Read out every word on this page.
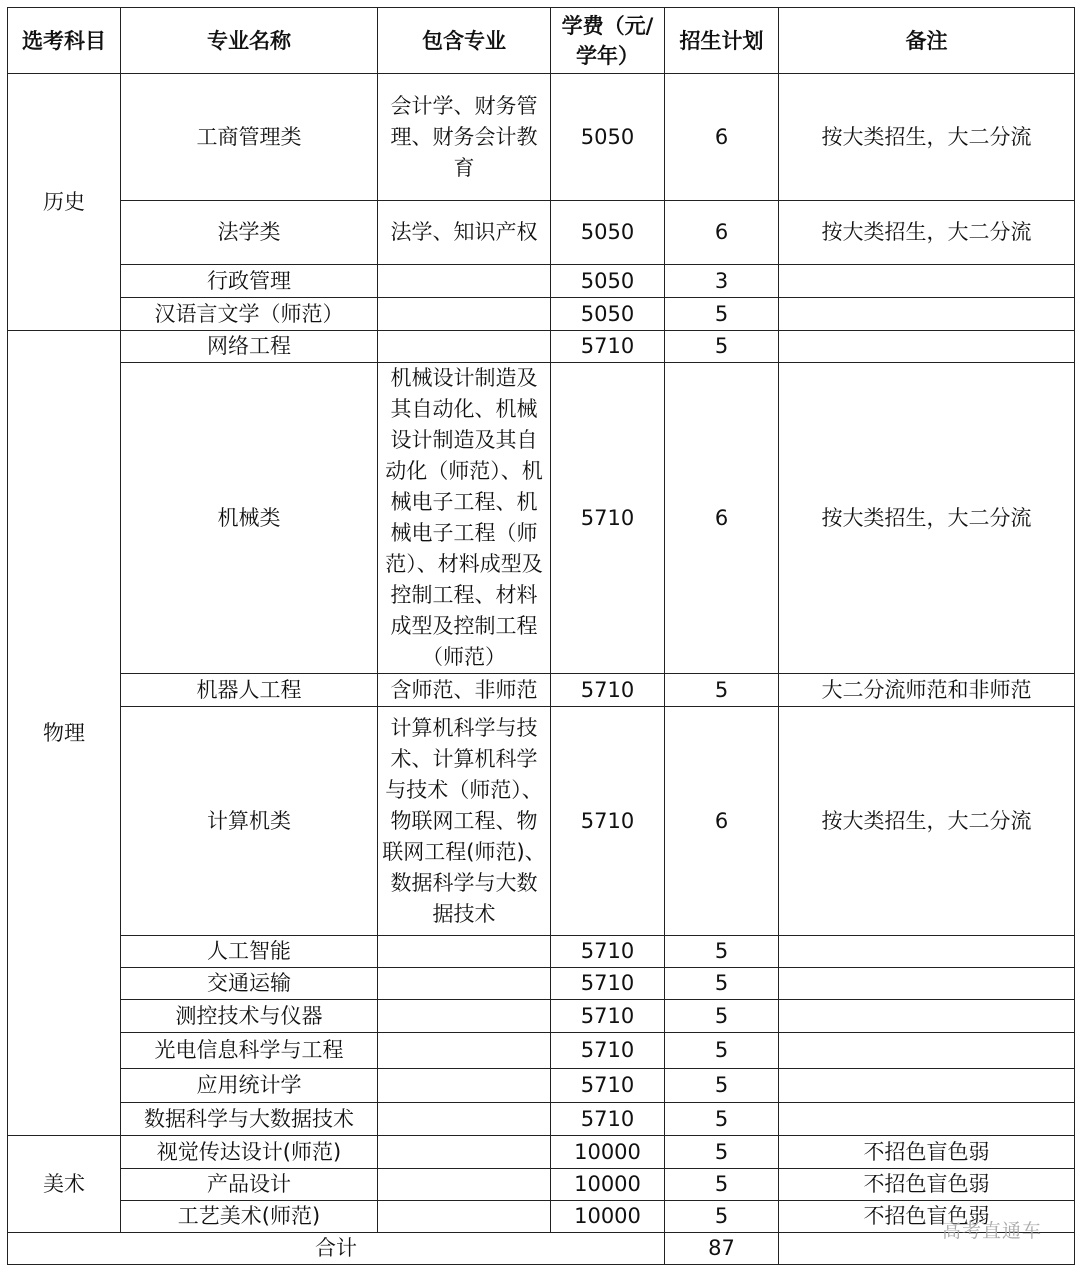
选考科目	专业名称	包含专业	学费（元/学年）	招生计划	备注
历史	工商管理类	会计学、财务管理、财务会计教育	5050	6	按大类招生，大二分流
	法学类	法学、知识产权	5050	6	按大类招生，大二分流
	行政管理		5050	3	
	汉语言文学（师范）		5050	5	
物理	网络工程		5710	5	
	机械类	机械设计制造及其自动化、机械设计制造及其自动化（师范）、机械电子工程、机械电子工程（师范）、材料成型及控制工程、材料成型及控制工程（师范）	5710	6	按大类招生，大二分流
	机器人工程	含师范、非师范	5710	5	大二分流师范和非师范
	计算机类	计算机科学与技术、计算机科学与技术（师范）、物联网工程、物联网工程(师范)、数据科学与大数据技术	5710	6	按大类招生，大二分流
	人工智能		5710	5	
	交通运输		5710	5	
	测控技术与仪器		5710	5	
	光电信息科学与工程		5710	5	
	应用统计学		5710	5	
	数据科学与大数据技术		5710	5	
美术	视觉传达设计(师范)		10000	5	不招色盲色弱
	产品设计		10000	5	不招色盲色弱
	工艺美术(师范)		10000	5	不招色盲色弱
合计				87	
高考直通车
